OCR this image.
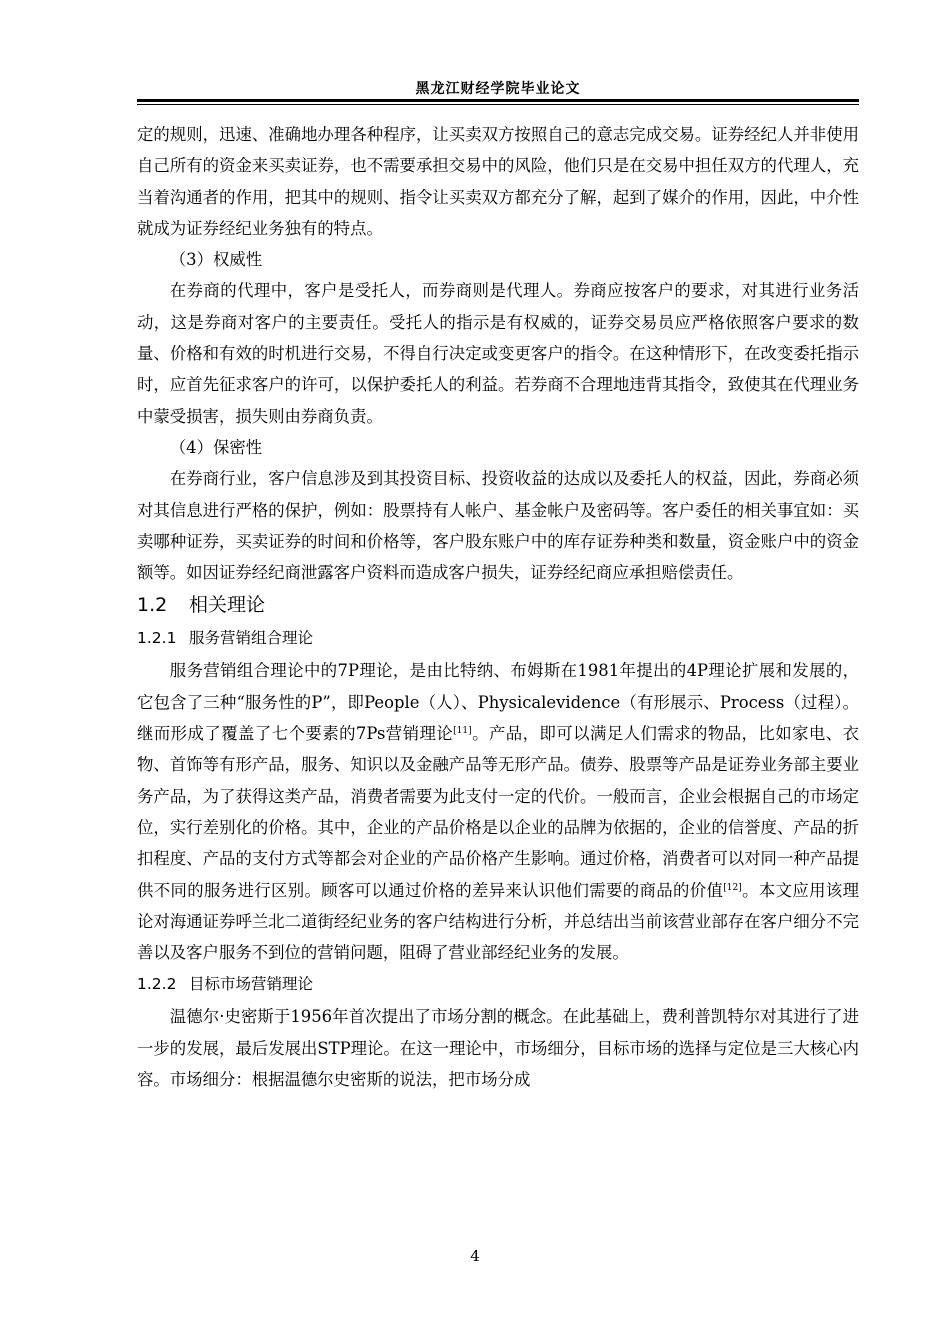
黑龙江财经学院毕业论文

定的规则，迅速、准确地办理各种程序，让买卖双方按照自己的意志完成交易。证券经纪人并非使用自己所有的资金来买卖证券，也不需要承担交易中的风险，他们只是在交易中担任双方的代理人，充当着沟通者的作用，把其中的规则、指令让买卖双方都充分了解，起到了媒介的作用，因此，中介性就成为证券经纪业务独有的特点。

（3）权威性

在券商的代理中，客户是受托人，而券商则是代理人。券商应按客户的要求，对其进行业务活动，这是券商对客户的主要责任。受托人的指示是有权威的，证券交易员应严格依照客户要求的数量、价格和有效的时机进行交易，不得自行决定或变更客户的指令。在这种情形下，在改变委托指示时，应首先征求客户的许可，以保护委托人的利益。若券商不合理地违背其指令，致使其在代理业务中蒙受损害，损失则由券商负责。

（4）保密性

在券商行业，客户信息涉及到其投资目标、投资收益的达成以及委托人的权益，因此，券商必须对其信息进行严格的保护，例如：股票持有人帐户、基金帐户及密码等。客户委任的相关事宜如：买卖哪种证券，买卖证券的时间和价格等，客户股东账户中的库存证券种类和数量，资金账户中的资金额等。如因证券经纪商泄露客户资料而造成客户损失，证券经纪商应承担赔偿责任。

1.2 相关理论
1.2.1 服务营销组合理论

服务营销组合理论中的7P理论，是由比特纳、布姆斯在1981年提出的4P理论扩展和发展的，它包含了三种“服务性的P”，即People（人）、Physicalevidence（有形展示、Process（过程）。继而形成了覆盖了七个要素的7Ps营销理论[11]。产品，即可以满足人们需求的物品，比如家电、衣物、首饰等有形产品，服务、知识以及金融产品等无形产品。债券、股票等产品是证券业务部主要业务产品，为了获得这类产品，消费者需要为此支付一定的代价。一般而言，企业会根据自己的市场定位，实行差别化的价格。其中，企业的产品价格是以企业的品牌为依据的，企业的信誉度、产品的折扣程度、产品的支付方式等都会对企业的产品价格产生影响。通过价格，消费者可以对同一种产品提供不同的服务进行区别。顾客可以通过价格的差异来认识他们需要的商品的价值[12]。本文应用该理论对海通证券呼兰北二道街经纪业务的客户结构进行分析，并总结出当前该营业部存在客户细分不完善以及客户服务不到位的营销问题，阻碍了营业部经纪业务的发展。

1.2.2 目标市场营销理论

温德尔·史密斯于1956年首次提出了市场分割的概念。在此基础上，费利普凯特尔对其进行了进一步的发展，最后发展出STP理论。在这一理论中，市场细分，目标市场的选择与定位是三大核心内容。市场细分：根据温德尔史密斯的说法，把市场分成

4
